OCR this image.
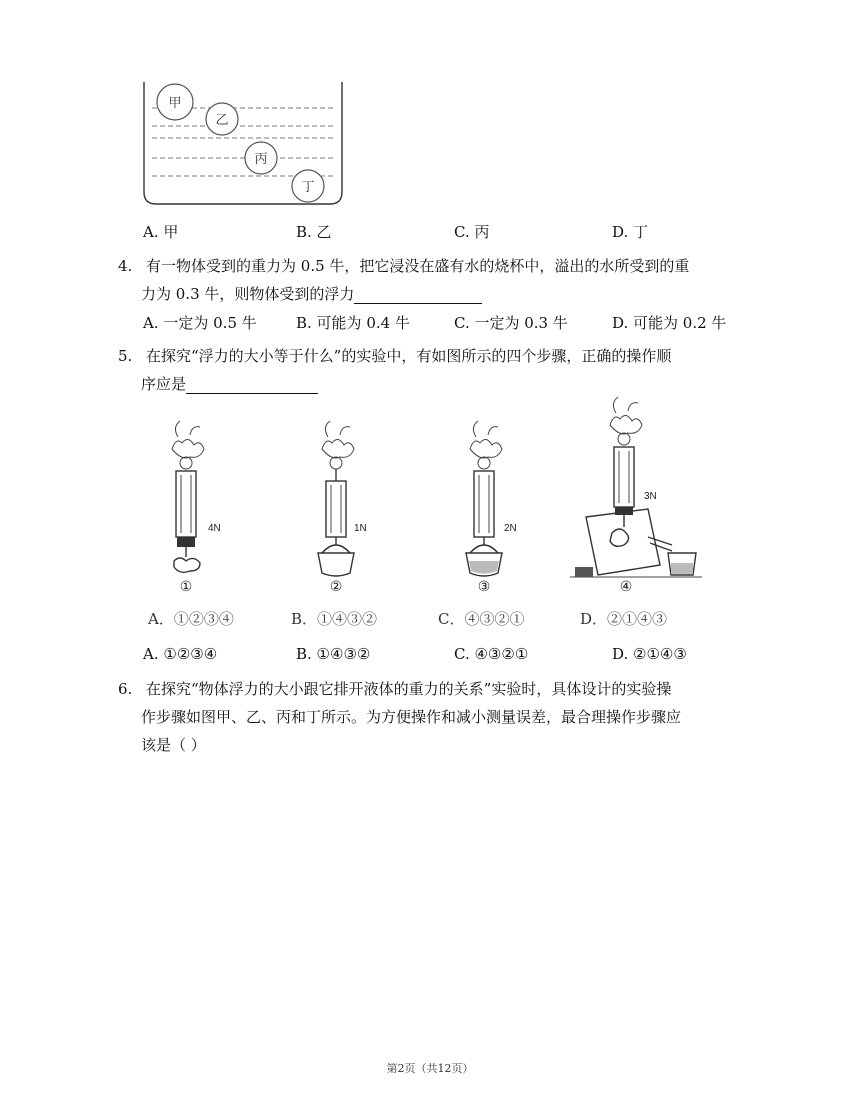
甲
乙
丙
丁
A. 甲	B. 乙	C. 丙	D. 丁
4. 有一物体受到的重力为 0.5 牛，把它浸没在盛有水的烧杯中，溢出的水所受到的重
力为 0.3 牛，则物体受到的浮力
A. 一定为 0.5 牛	B. 可能为 0.4 牛	C. 一定为 0.3 牛	D. 可能为 0.2 牛
5. 在探究“浮力的大小等于什么”的实验中，有如图所示的四个步骤，正确的操作顺
序应是
4N
①
1N
②
2N
③
3N
④
A．①②③④	B．①④③②	C．④③②①	D．②①④③
A. ①②③④	B. ①④③②	C. ④③②①	D. ②①④③
6. 在探究“物体浮力的大小跟它排开液体的重力的关系”实验时，具体设计的实验操
作步骤如图甲、乙、丙和丁所示。为方便操作和减小测量误差，最合理操作步骤应
该是（ ）
第2页（共12页）
